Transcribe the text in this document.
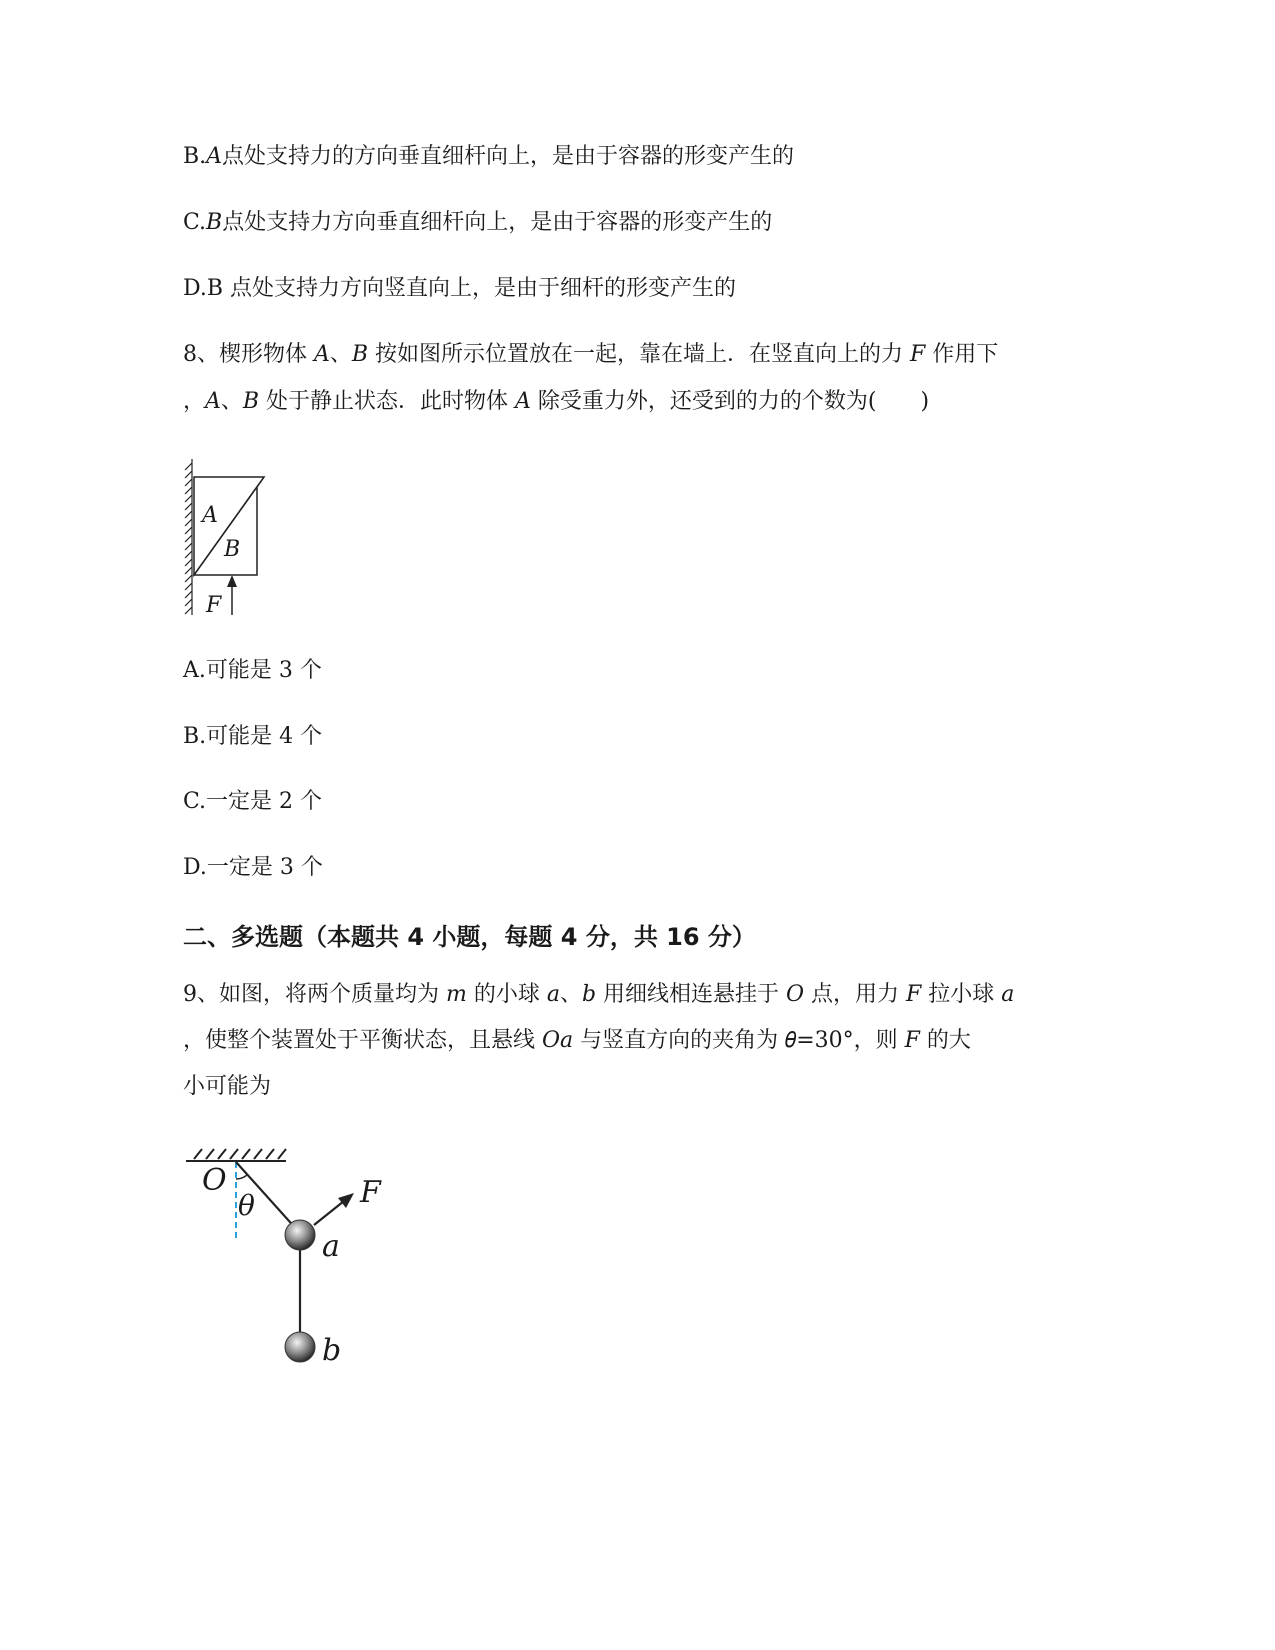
B.𝐴点处支持力的方向垂直细杆向上，是由于容器的形变产生的
C.𝐵点处支持力方向垂直细杆向上，是由于容器的形变产生的
D.B 点处支持力方向竖直向上，是由于细杆的形变产生的
8、楔形物体 𝐴、𝐵 按如图所示位置放在一起，靠在墙上．在竖直向上的力 𝐹 作用下
，𝐴、𝐵 处于静止状态．此时物体 𝐴 除受重力外，还受到的力的个数为(　　)
A
B
F
A.可能是 3 个
B.可能是 4 个
C.一定是 2 个
D.一定是 3 个
二、多选题（本题共 4 小题，每题 4 分，共 16 分）
9、如图，将两个质量均为 𝑚 的小球 𝑎、𝑏 用细线相连悬挂于 𝑂 点，用力 𝐹 拉小球 𝑎
，使整个装置处于平衡状态，且悬线 𝑂𝑎 与竖直方向的夹角为 𝜃=30°，则 𝐹 的大
小可能为
O
θ	F
a
b
